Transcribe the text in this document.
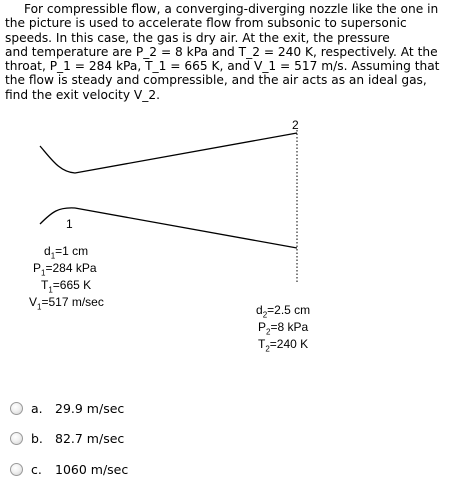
For compressible flow, a converging-diverging nozzle like the one in
the picture is used to accelerate flow from subsonic to supersonic
speeds. In this case, the gas is dry air. At the exit, the pressure
and temperature are P_2 = 8 kPa and T_2 = 240 K, respectively. At the
throat, P_1 = 284 kPa, T_1 = 665 K, and V_1 = 517 m/s. Assuming that
the flow is steady and compressible, and the air acts as an ideal gas,
find the exit velocity V_2.
2
1
$d_1=1$ cm
$P_1=284$ kPa
$T_1=665$ K
$V_1=517$ m/sec
$d_2=2.5$ cm
$P_2=8$ kPa
$T_2=240$ K
a. 29.9 m/sec
b. 82.7 m/sec
c.	1060 m/sec
